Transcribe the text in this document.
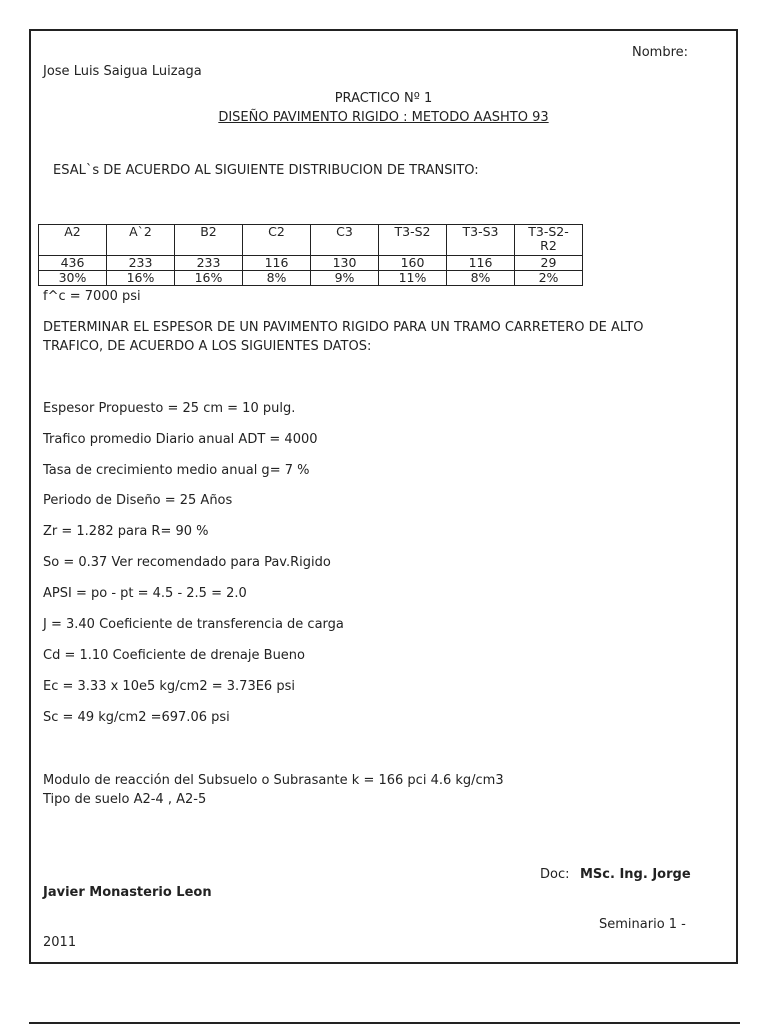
Nombre:
Jose Luis Saigua Luizaga
PRACTICO Nº 1
DISEÑO PAVIMENTO RIGIDO : METODO AASHTO 93
ESAL`s DE ACUERDO AL SIGUIENTE DISTRIBUCION DE TRANSITO:
A2	A`2	B2	C2	C3	T3-S2	T3-S3	T3-S2-
R2

436	233	233	116	130	160	116	29
30%	16%	16%	8%	9%	11%	8%	2%
f^c = 7000 psi
DETERMINAR EL ESPESOR DE UN PAVIMENTO RIGIDO PARA UN TRAMO CARRETERO DE ALTO
TRAFICO, DE ACUERDO A LOS SIGUIENTES DATOS:
Espesor Propuesto = 25 cm = 10 pulg.
Trafico promedio Diario anual ADT = 4000
Tasa de crecimiento medio anual g= 7 %
Periodo de Diseño = 25 Años
Zr = 1.282 para R= 90 %
So = 0.37 Ver recomendado para Pav.Rigido
APSI = po - pt = 4.5 - 2.5 = 2.0
J = 3.40 Coeficiente de transferencia de carga
Cd = 1.10 Coeficiente de drenaje Bueno
Ec = 3.33 x 10e5 kg/cm2 = 3.73E6 psi
Sc = 49 kg/cm2 =697.06 psi
Modulo de reacción del Subsuelo o Subrasante k = 166 pci 4.6 kg/cm3
Tipo de suelo A2-4 , A2-5
Doc: MSc. Ing. Jorge
Javier Monasterio Leon
Seminario 1 -
2011
